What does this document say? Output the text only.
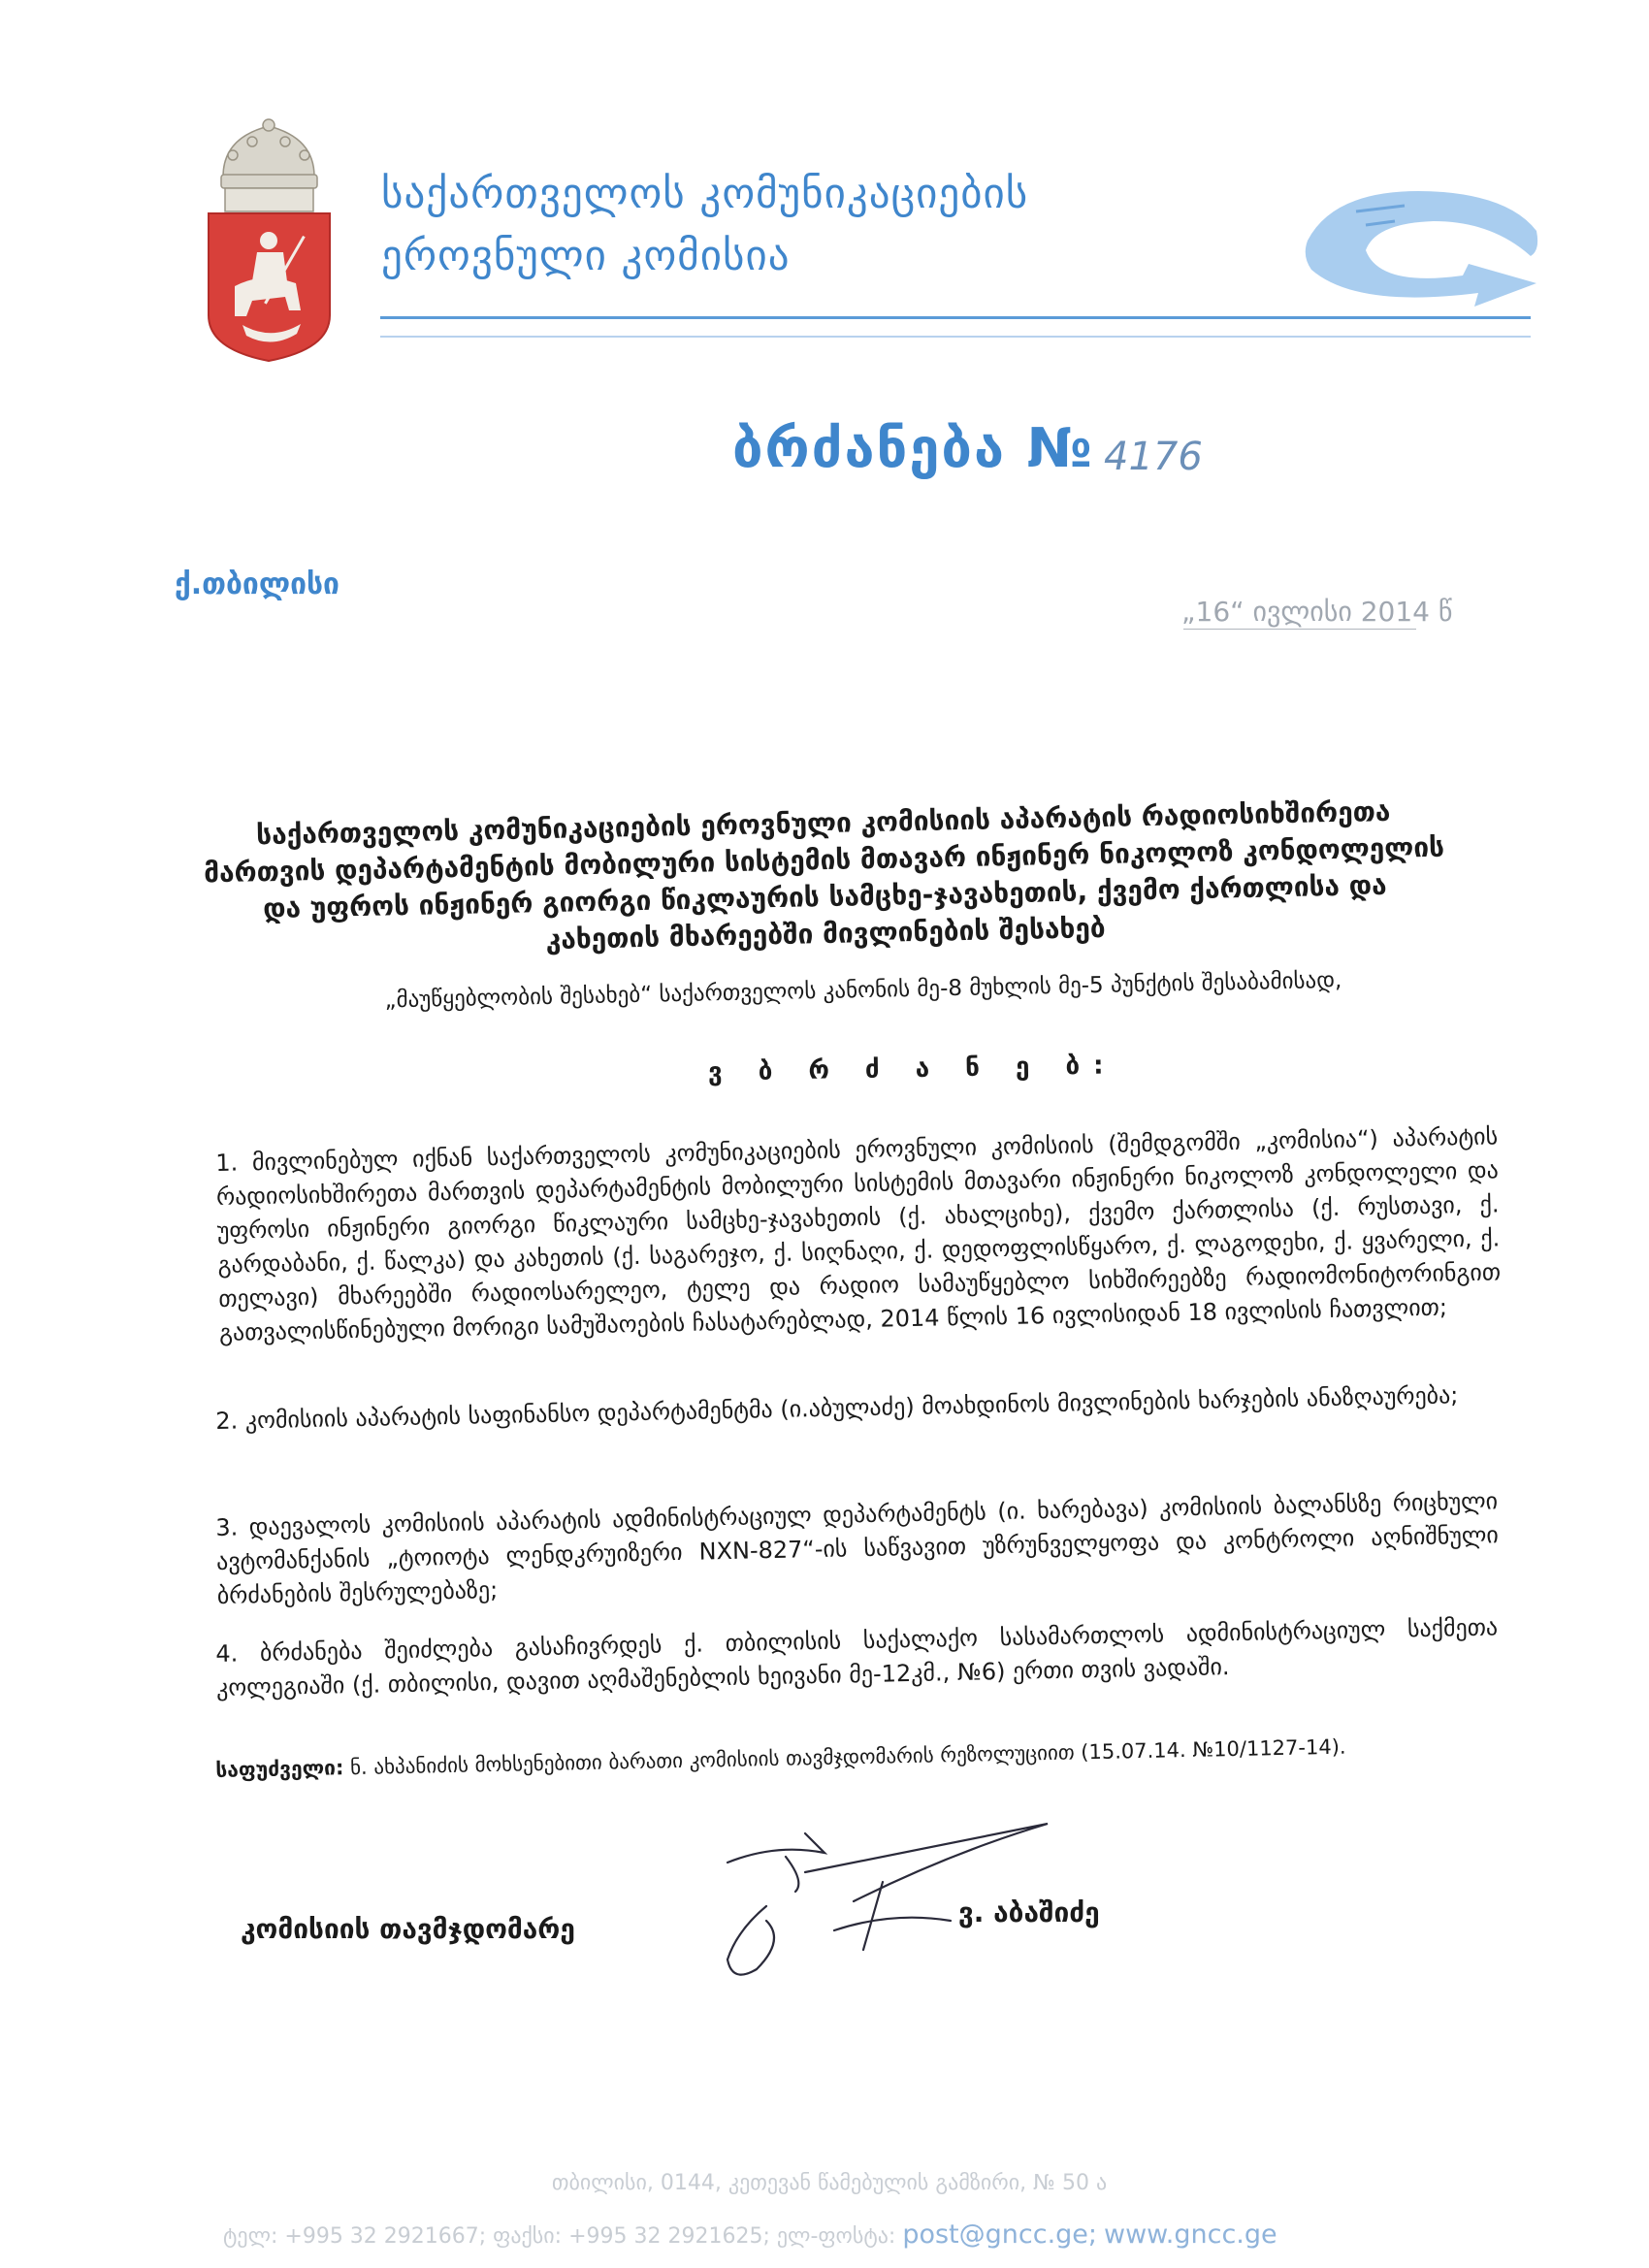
საქართველოს კომუნიკაციების
ეროვნული კომისია
ბრძანება № 4176
ქ.თბილისი
„16“ ივლისი 2014 წ
საქართველოს კომუნიკაციების ეროვნული კომისიის აპარატის რადიოსიხშირეთა მართვის დეპარტამენტის მობილური სისტემის მთავარ ინჟინერ ნიკოლოზ კონდოლელის და უფროს ინჟინერ გიორგი წიკლაურის სამცხე-ჯავახეთის, ქვემო ქართლისა და კახეთის მხარეებში მივლინების შესახებ
„მაუწყებლობის შესახებ“ საქართველოს კანონის მე-8 მუხლის მე-5 პუნქტის შესაბამისად,
ვ ბ რ ძ ა ნ ე ბ:
1. მივლინებულ იქნან საქართველოს კომუნიკაციების ეროვნული კომისიის (შემდგომში „კომისია“) აპარატის რადიოსიხშირეთა მართვის დეპარტამენტის მობილური სისტემის მთავარი ინჟინერი ნიკოლოზ კონდოლელი და უფროსი ინჟინერი გიორგი წიკლაური სამცხე-ჯავახეთის (ქ. ახალციხე), ქვემო ქართლისა (ქ. რუსთავი, ქ. გარდაბანი, ქ. წალკა) და კახეთის (ქ. საგარეჯო, ქ. სიღნაღი, ქ. დედოფლისწყარო, ქ. ლაგოდეხი, ქ. ყვარელი, ქ. თელავი) მხარეებში რადიოსარელეო, ტელე და რადიო სამაუწყებლო სიხშირეებზე რადიომონიტორინგით გათვალისწინებული მორიგი სამუშაოების ჩასატარებლად, 2014 წლის 16 ივლისიდან 18 ივლისის ჩათვლით;
2. კომისიის აპარატის საფინანსო დეპარტამენტმა (ი.აბულაძე) მოახდინოს მივლინების ხარჯების ანაზღაურება;
3. დაევალოს კომისიის აპარატის ადმინისტრაციულ დეპარტამენტს (ი. ხარებავა) კომისიის ბალანსზე რიცხული ავტომანქანის „ტოიოტა ლენდკრუიზერი NXN-827“-ის საწვავით უზრუნველყოფა და კონტროლი აღნიშნული ბრძანების შესრულებაზე;
4. ბრძანება შეიძლება გასაჩივრდეს ქ. თბილისის საქალაქო სასამართლოს ადმინისტრაციულ საქმეთა კოლეგიაში (ქ. თბილისი, დავით აღმაშენებლის ხეივანი მე-12კმ., №6) ერთი თვის ვადაში.
საფუძველი: ნ. ახპანიძის მოხსენებითი ბარათი კომისიის თავმჯდომარის რეზოლუციით (15.07.14. №10/1127-14).
კომისიის თავმჯდომარე
ვ. აბაშიძე
თბილისი, 0144, კეთევან წამებულის გამზირი, № 50 ა
ტელ: +995 32 2921667; ფაქსი: +995 32 2921625; ელ-ფოსტა: post@gncc.ge; www.gncc.ge
